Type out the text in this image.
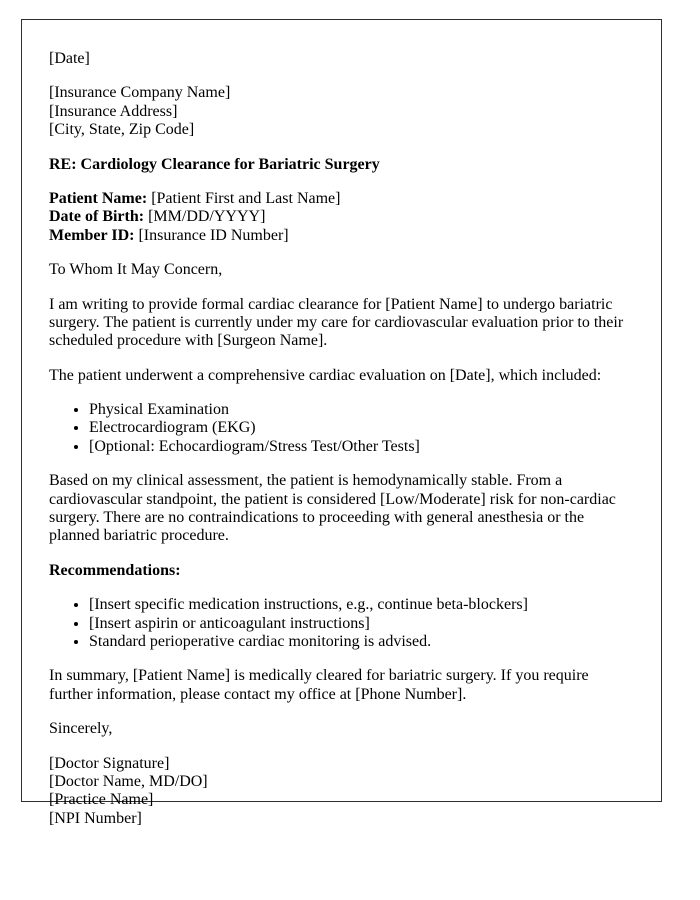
[Date]

[Insurance Company Name]
[Insurance Address]
[City, State, Zip Code]

RE: Cardiology Clearance for Bariatric Surgery

Patient Name: [Patient First and Last Name]
Date of Birth: [MM/DD/YYYY]
Member ID: [Insurance ID Number]

To Whom It May Concern,

I am writing to provide formal cardiac clearance for [Patient Name] to undergo bariatric surgery. The patient is currently under my care for cardiovascular evaluation prior to their scheduled procedure with [Surgeon Name].

The patient underwent a comprehensive cardiac evaluation on [Date], which included:

• Physical Examination
• Electrocardiogram (EKG)
• [Optional: Echocardiogram/Stress Test/Other Tests]

Based on my clinical assessment, the patient is hemodynamically stable. From a cardiovascular standpoint, the patient is considered [Low/Moderate] risk for non-cardiac surgery. There are no contraindications to proceeding with general anesthesia or the planned bariatric procedure.

Recommendations:

• [Insert specific medication instructions, e.g., continue beta-blockers]
• [Insert aspirin or anticoagulant instructions]
• Standard perioperative cardiac monitoring is advised.

In summary, [Patient Name] is medically cleared for bariatric surgery. If you require further information, please contact my office at [Phone Number].

Sincerely,

[Doctor Signature]
[Doctor Name, MD/DO]
[Practice Name]
[NPI Number]
